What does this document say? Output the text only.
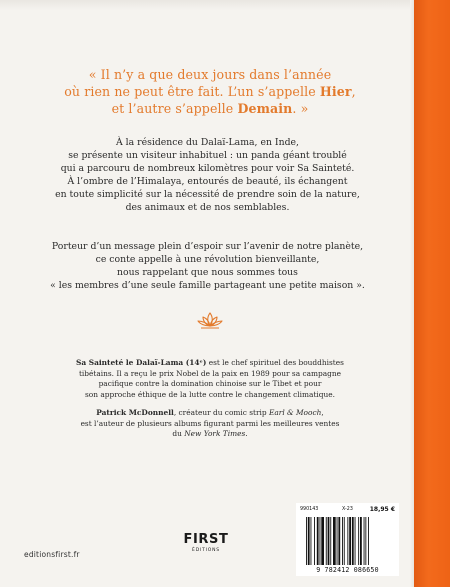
« Il n’y a que deux jours dans l’année
où rien ne peut être fait. L’un s’appelle Hier,
et l’autre s’appelle Demain. »
À la résidence du Dalaï-Lama, en Inde,
se présente un visiteur inhabituel : un panda géant troublé
qui a parcouru de nombreux kilomètres pour voir Sa Sainteté.
À l’ombre de l’Himalaya, entourés de beauté, ils échangent
en toute simplicité sur la nécessité de prendre soin de la nature,
des animaux et de nos semblables.
Porteur d’un message plein d’espoir sur l’avenir de notre planète,
ce conte appelle à une révolution bienveillante,
nous rappelant que nous sommes tous
« les membres d’une seule famille partageant une petite maison ».
Sa Sainteté le Dalaï-Lama (14ᵉ) est le chef spirituel des bouddhistes
tibétains. Il a reçu le prix Nobel de la paix en 1989 pour sa campagne
pacifique contre la domination chinoise sur le Tibet et pour
son approche éthique de la lutte contre le changement climatique.
Patrick McDonnell, créateur du comic strip Earl & Mooch,
est l’auteur de plusieurs albums figurant parmi les meilleures ventes
du New York Times.
editionsfirst.fr
FIRST
ÉDITIONS
990143	X-23	18,95 €
9 782412 086650
